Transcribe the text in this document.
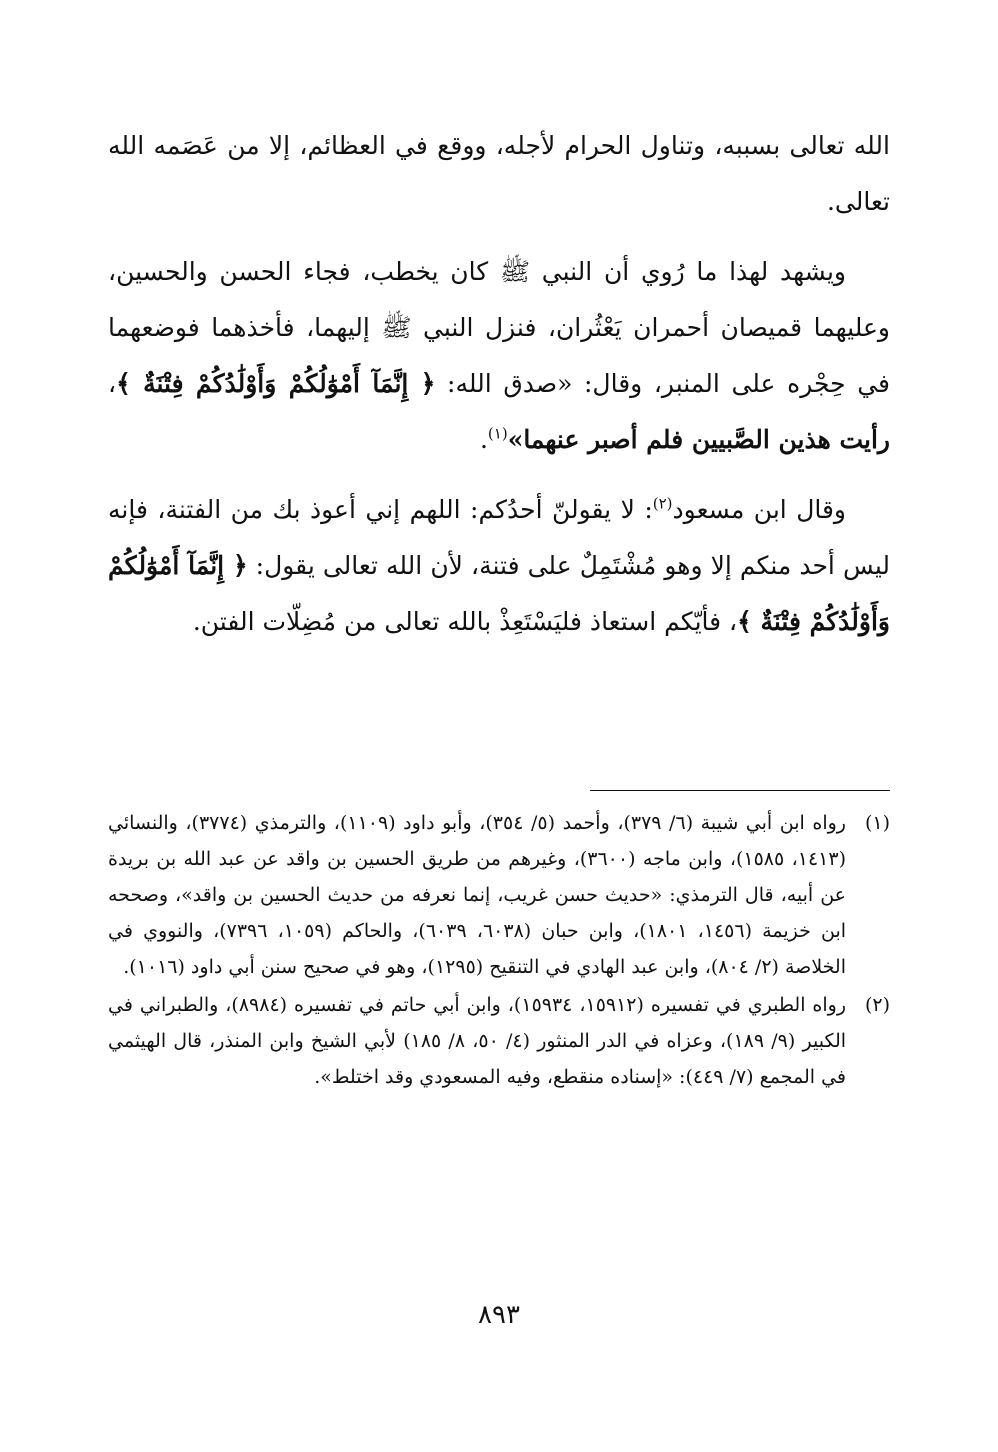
الله تعالى بسببه، وتناول الحرام لأجله، ووقع في العظائم، إلا من عَصَمه الله تعالى.

ويشهد لهذا ما رُوي أن النبي ﷺ كان يخطب، فجاء الحسن والحسين، وعليهما قميصان أحمران يَعْثُران، فنزل النبي ﷺ إليهما، فأخذهما فوضعهما في حِجْره على المنبر، وقال: «صدق الله: ﴿ إِنَّمَآ أَمْوَٰلُكُمْ وَأَوْلَٰدُكُمْ فِتْنَةٌ ﴾، رأيت هذين الصَّبيين فلم أصبر عنهما»$^{(١)}$.

وقال ابن مسعود$^{(٢)}$: لا يقولنّ أحدُكم: اللهم إني أعوذ بك من الفتنة، فإنه ليس أحد منكم إلا وهو مُشْتَمِلٌ على فتنة، لأن الله تعالى يقول: ﴿ إِنَّمَآ أَمْوَٰلُكُمْ وَأَوْلَٰدُكُمْ فِتْنَةٌ ﴾، فأيّكم استعاذ فليَسْتَعِذْ بالله تعالى من مُضِلّات الفتن.

(١)
رواه ابن أبي شيبة (٦/ ٣٧٩)، وأحمد (٥/ ٣٥٤)، وأبو داود (١١٠٩)، والترمذي (٣٧٧٤)، والنسائي (١٤١٣، ١٥٨٥)، وابن ماجه (٣٦٠٠)، وغيرهم من طريق الحسين بن واقد عن عبد الله بن بريدة عن أبيه، قال الترمذي: «حديث حسن غريب، إنما نعرفه من حديث الحسين بن واقد»، وصححه ابن خزيمة (١٤٥٦، ١٨٠١)، وابن حبان (٦٠٣٨، ٦٠٣٩)، والحاكم (١٠٥٩، ٧٣٩٦)، والنووي في الخلاصة (٢/ ٨٠٤)، وابن عبد الهادي في التنقيح (١٢٩٥)، وهو في صحيح سنن أبي داود (١٠١٦).
(٢)
رواه الطبري في تفسيره (١٥٩١٢، ١٥٩٣٤)، وابن أبي حاتم في تفسيره (٨٩٨٤)، والطبراني في الكبير (٩/ ١٨٩)، وعزاه في الدر المنثور (٤/ ٥٠، ٨/ ١٨٥) لأبي الشيخ وابن المنذر، قال الهيثمي في المجمع (٧/ ٤٤٩): «إسناده منقطع، وفيه المسعودي وقد اختلط».
٨٩٣
